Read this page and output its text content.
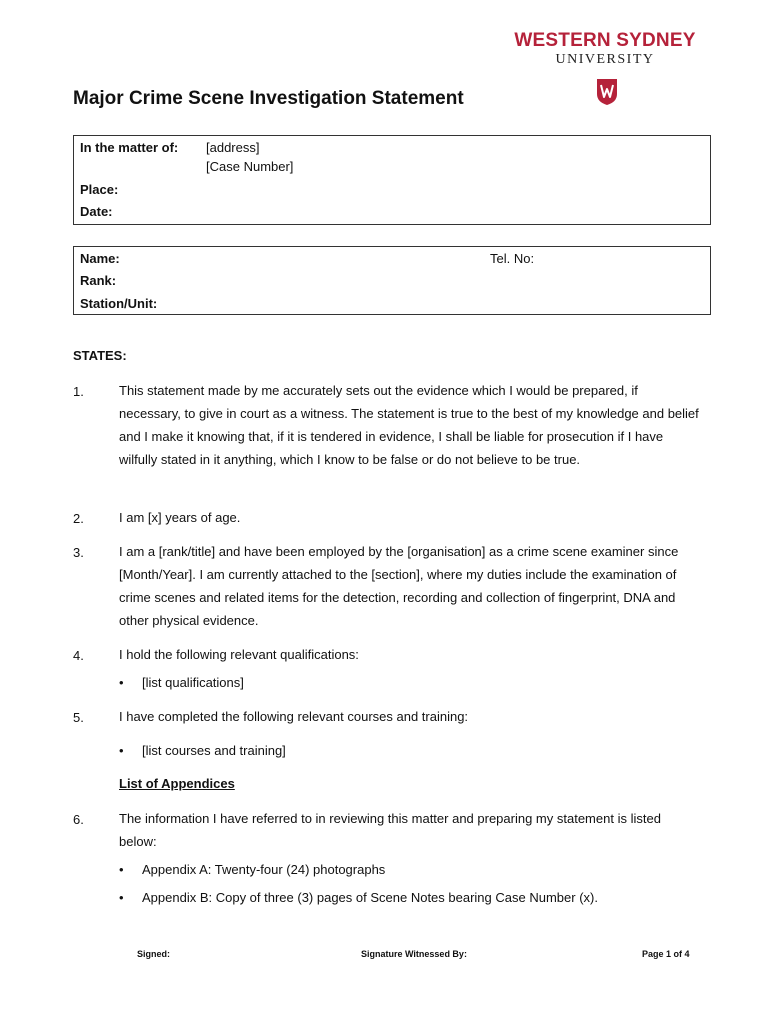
WESTERN SYDNEY
UNIVERSITY
Major Crime Scene Investigation Statement
In the matter of: [address]
[Case Number]
Place:
Date:
Name:	Tel. No:
Rank:
Station/Unit:
STATES:
1.	This statement made by me accurately sets out the evidence which I would be prepared, if necessary, to give in court as a witness. The statement is true to the best of my knowledge and belief and I make it knowing that, if it is tendered in evidence, I shall be liable for prosecution if I have wilfully stated in it anything, which I know to be false or do not believe to be true.
2.	I am [x] years of age.
3.	I am a [rank/title] and have been employed by the [organisation] as a crime scene examiner since [Month/Year]. I am currently attached to the [section], where my duties include the examination of crime scenes and related items for the detection, recording and collection of fingerprint, DNA and other physical evidence.
4.	I hold the following relevant qualifications:
• [list qualifications]
5.	I have completed the following relevant courses and training:
• [list courses and training]
List of Appendices
6.	The information I have referred to in reviewing this matter and preparing my statement is listed below:
• Appendix A: Twenty-four (24) photographs
• Appendix B: Copy of three (3) pages of Scene Notes bearing Case Number (x).
Signed:	Signature Witnessed By:	Page 1 of 4
